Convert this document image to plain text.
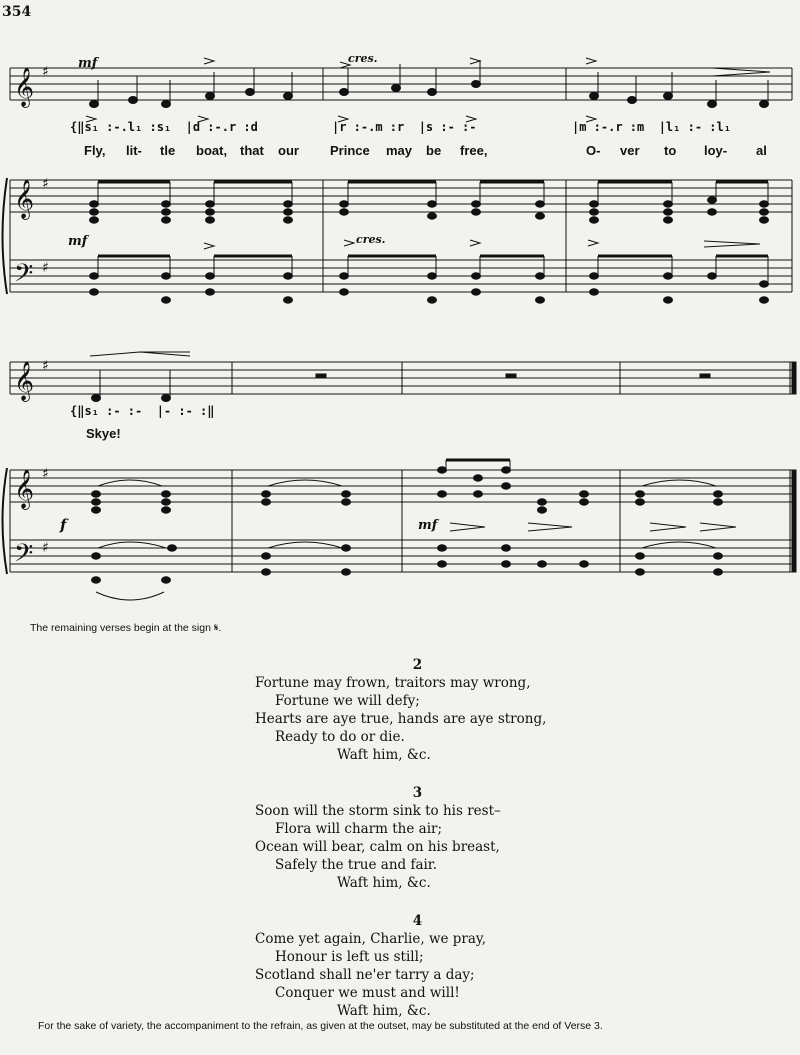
354
𝄞
𝄞
𝄢
𝄞
𝄞
𝄢
♯
♯
♯
♯
♯
♯
mf	cres.
mf	cres.
f	mf
{‖s₁ :-.l₁ :s₁  |d :-.r :d	|r :-.m :r  |s :- :-	|m :-.r :m  |l₁ :- :l₁
{‖s₁ :- :-  |- :- :‖
Fly, lit- tle boat, that our Prince may be free,	O- ver to loy- al
Skye!
The remaining verses begin at the sign 𝄋.
2
Fortune may frown, traitors may wrong,
Fortune we will defy;
Hearts are aye true, hands are aye strong,
Ready to do or die.
Waft him, &c.
3
Soon will the storm sink to his rest–
Flora will charm the air;
Ocean will bear, calm on his breast,
Safely the true and fair.
Waft him, &c.
4
Come yet again, Charlie, we pray,
Honour is left us still;
Scotland shall ne'er tarry a day;
Conquer we must and will!
Waft him, &c.
For the sake of variety, the accompaniment to the refrain, as given at the outset, may be substituted at the end of Verse 3.
